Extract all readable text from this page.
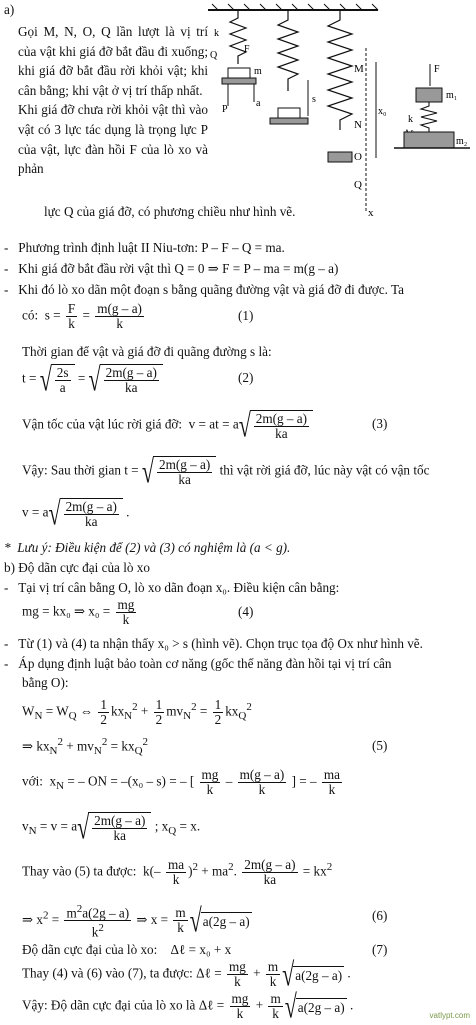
a)
Gọi M, N, O, Q lần lượt là vị trí của vật khi giá đỡ bắt đầu đi xuống; khi giá đỡ bắt đầu rời khỏi vật; khi cân bằng; khi vật ở vị trí thấp nhất.
Khi giá đỡ chưa rời khỏi vật thì vào vật có 3 lực tác dụng là trọng lực P của vật, lực đàn hồi F của lò xo và phản
lực Q của giá đỡ, có phương chiều như hình vẽ.
M
N
O
Q
x
x₀
s
P
a
k
Q
F
m	F
m₁
k
m₂
-   Phương trình định luật II Niu-tơn: P – F – Q = ma.
-   Khi giá đỡ bắt đầu rời vật thì Q = 0 ⇒ F = P – ma = m(g – a)
-   Khi đó lò xo dãn một đoạn s bằng quãng đường vật và giá đỡ đi được. Ta
có:  $s = \frac{F}{k} = \frac{m(g - a)}{k}$	(1)
Thời gian để vật và giá đỡ đi quãng đường s là:
t = √ $\frac{2s}{a}$ = √ $\frac{2m(g - a)}{ka}$	(2)
Vận tốc của vật lúc rời giá đỡ:  v = at = a √ $\frac{2m(g - a)}{ka}$	(3)
Vậy: Sau thời gian t = √ $\frac{2m(g - a)}{ka}$ thì vật rời giá đỡ, lúc này vật có vận tốc
v = a √ $\frac{2m(g - a)}{ka}$ .
*  Lưu ý: Điều kiện để (2) và (3) có nghiệm là (a < g).
b) Độ dãn cực đại của lò xo
-   Tại vị trí cân bằng O, lò xo dãn đoạn x₀. Điều kiện cân bằng:
mg = kx₀ ⇒ $x_0 = \frac{mg}{k}$	(4)
-   Từ (1) và (4) ta nhận thấy x₀ > s (hình vẽ). Chọn trục tọa độ Ox như hình vẽ.
-   Áp dụng định luật bảo toàn cơ năng (gốc thế năng đàn hồi tại vị trí cân
bằng O):
$W_N = W_Q$ ⇔ $\frac{1}{2} kx_N^2 + \frac{1}{2} mv_N^2 = \frac{1}{2} kx_Q^2$
⇒ $kx_N^2 + mv_N^2 = kx_Q^2$	(5)
với:  $x_N$ = – ON = –(x₀ – s) = – [ $\frac{mg}{k} - \frac{m(g - a)}{k}$ ] = – $\frac{ma}{k}$
$v_N = v = a$ √ $\frac{2m(g - a)}{ka}$ ; $x_Q = x$.
Thay vào (5) ta được:  $k(- \frac{ma}{k} )^2 + ma^2$. $\frac{2m(g - a)}{ka} = kx^2$
⇒ $x^2 = \frac{m^2a(2g - a)}{k^2}$ ⇒ $x = \frac{m}{k}$ √ a(2g – a)	(6)
Độ dãn cực đại của lò xo:    Δℓ = x₀ + x	(7)
Thay (4) và (6) vào (7), ta được: Δℓ = $\frac{mg}{k} + \frac{m}{k}$ √ a(2g – a) .
Vậy: Độ dãn cực đại của lò xo là Δℓ = $\frac{mg}{k} + \frac{m}{k}$ √ a(2g – a) .
vatlypt.com
